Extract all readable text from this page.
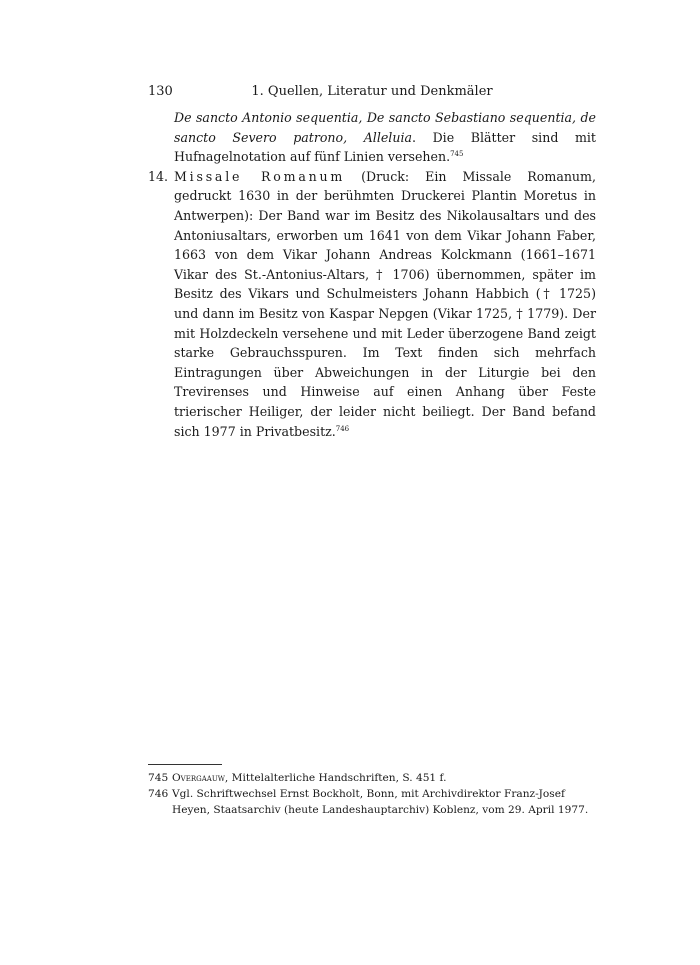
130	1. Quellen, Literatur und Denkmäler

De sancto Antonio sequentia, De sancto Sebastiano sequentia, de sancto Severo patrono, Alleluia. Die Blätter sind mit Hufnagelnotation auf fünf Linien versehen.$^{745}$

14. Missale Romanum (Druck: Ein Missale Romanum, gedruckt 1630 in der berühmten Druckerei Plantin Moretus in Antwerpen): Der Band war im Besitz des Nikolausaltars und des Antoniusaltars, erworben um 1641 von dem Vikar Johann Faber, 1663 von dem Vikar Johann Andreas Kolckmann (1661–1671 Vikar des St.-Antonius-Altars, † 1706) übernommen, später im Besitz des Vikars und Schulmeisters Johann Habbich († 1725) und dann im Besitz von Kaspar Nepgen (Vikar 1725, † 1779). Der mit Holzdeckeln versehene und mit Leder überzogene Band zeigt starke Gebrauchsspuren. Im Text finden sich mehrfach Eintragungen über Abweichungen in der Liturgie bei den Trevirenses und Hinweise auf einen Anhang über Feste trierischer Heiliger, der leider nicht beiliegt. Der Band befand sich 1977 in Privatbesitz.$^{746}$

745 Overgaauw, Mittelalterliche Handschriften, S. 451 f.

746 Vgl. Schriftwechsel Ernst Bockholt, Bonn, mit Archivdirektor Franz-Josef Heyen, Staatsarchiv (heute Landeshauptarchiv) Koblenz, vom 29. April 1977.
